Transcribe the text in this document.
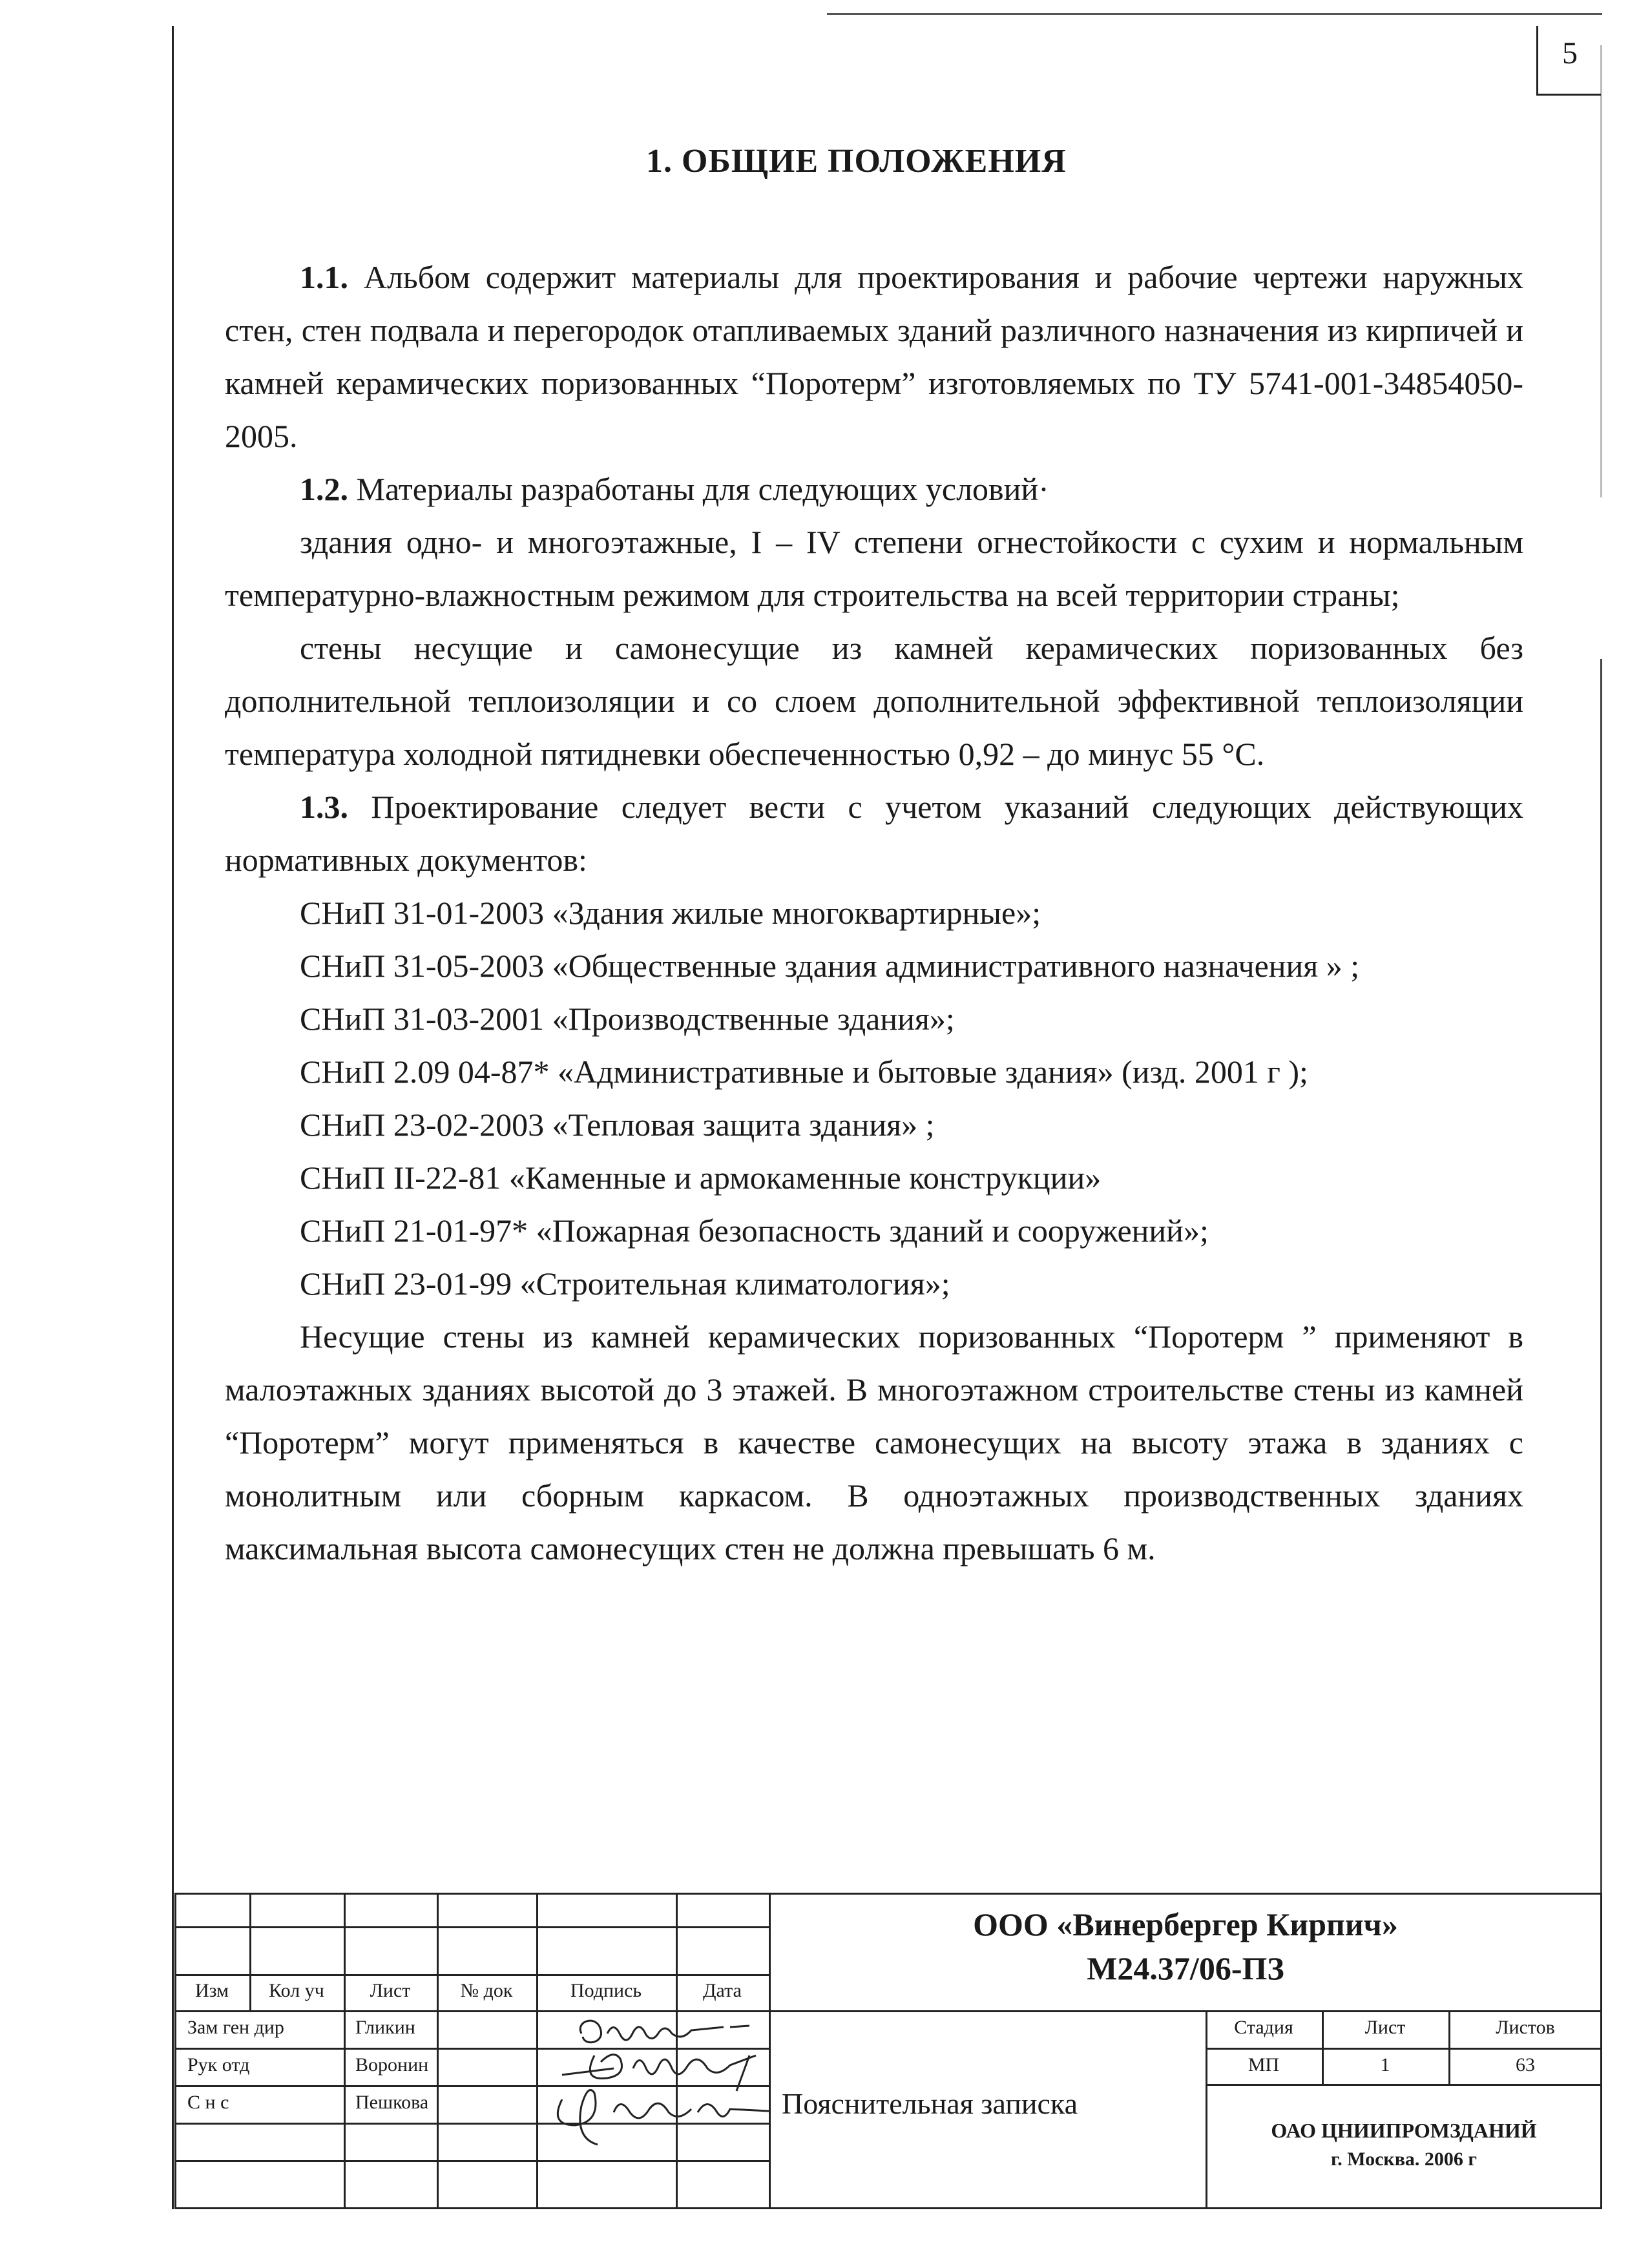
5
1. ОБЩИЕ ПОЛОЖЕНИЯ

1.1. Альбом содержит материалы для проектирования и рабочие чертежи наружных стен, стен подвала и перегородок отапливаемых зданий различного назначения из кирпичей и камней керамических поризованных “Поротерм” изготовляемых по ТУ 5741-001-34854050-2005.

1.2. Материалы разработаны для следующих условий·

здания одно- и многоэтажные, I – IV степени огнестойкости с сухим и нормальным температурно-влажностным режимом для строительства на всей территории страны;

стены несущие и самонесущие из камней керамических поризованных без дополнительной теплоизоляции и со слоем дополнительной эффективной теплоизоляции температура холодной пятидневки обеспеченностью 0,92 – до минус 55 °С.

1.3. Проектирование следует вести с учетом указаний следующих действующих нормативных документов:

СНиП 31-01-2003 «Здания жилые многоквартирные»;

СНиП 31-05-2003 «Общественные здания административного назначения » ;

СНиП 31-03-2001 «Производственные здания»;

СНиП 2.09 04-87* «Административные и бытовые здания» (изд. 2001 г );

СНиП 23-02-2003 «Тепловая защита здания» ;

СНиП II-22-81 «Каменные и армокаменные конструкции»

СНиП 21-01-97* «Пожарная безопасность зданий и сооружений»;

СНиП 23-01-99 «Строительная климатология»;

Несущие стены из камней керамических поризованных “Поротерм ” применяют в малоэтажных зданиях высотой до 3 этажей. В многоэтажном строительстве стены из камней “Поротерм” могут применяться в качестве самонесущих на высоту этажа в зданиях с монолитным или сборным каркасом. В одноэтажных производственных зданиях максимальная высота самонесущих стен не должна превышать 6 м.

Изм	Кол уч	Лист	№ док	Подпись	Дата
Зам ген дир	Гликин
Рук отд	Воронин
С н с	Пешкова
ООО «Винербергер Кирпич»
М24.37/06-ПЗ
Пояснительная записка
Стадия	Лист	Листов
МП	1	63
ОАО ЦНИИПРОМЗДАНИЙ
г. Москва. 2006 г
